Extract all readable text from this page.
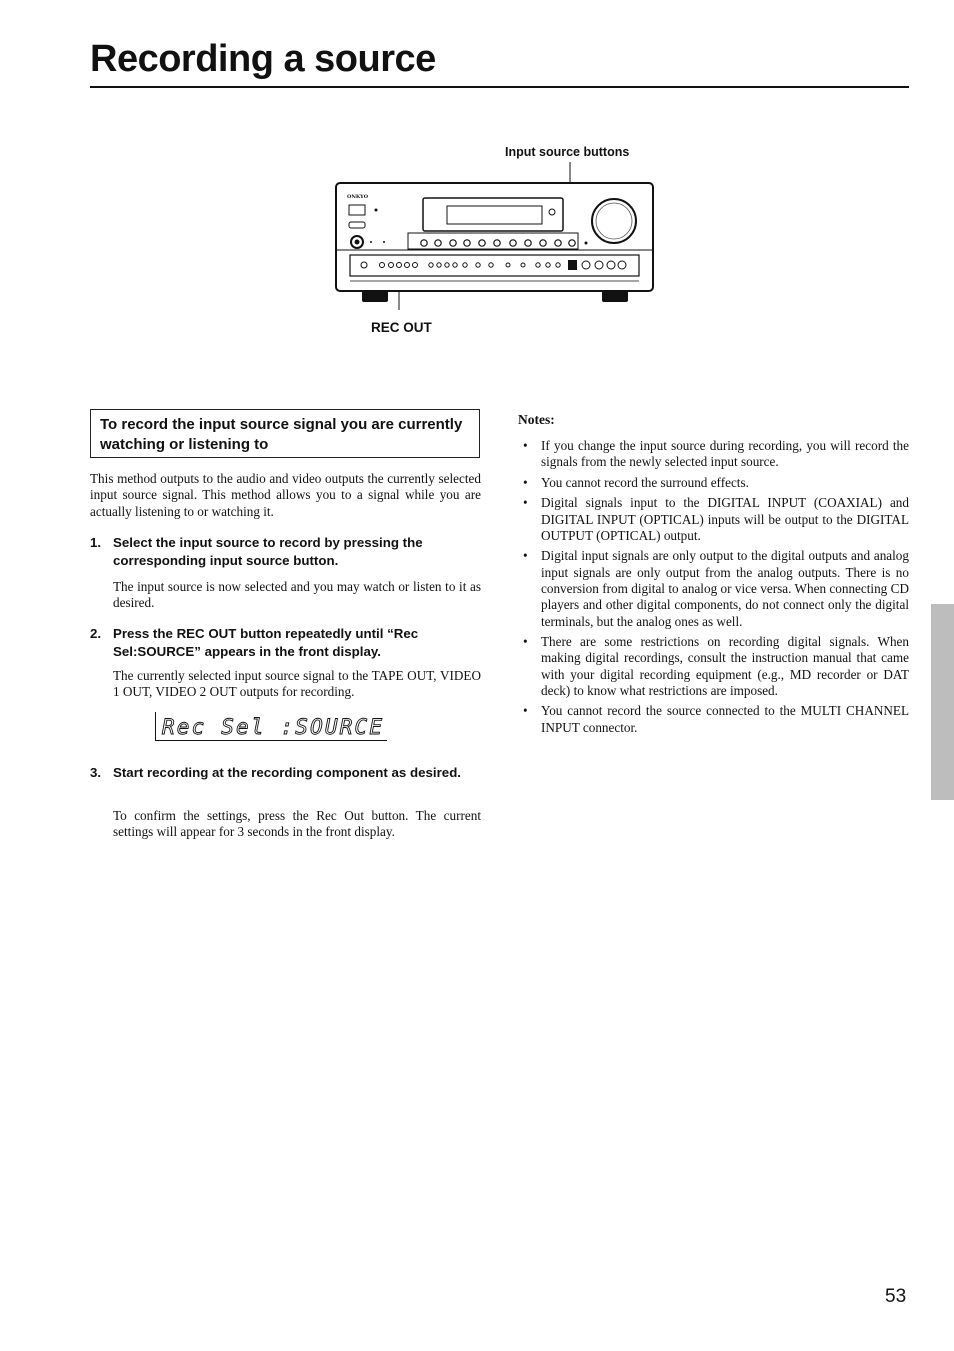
Recording a source
Input source buttons
REC OUT
ONKYO
To record the input source signal you are currently watching or listening to
This method outputs to the audio and video outputs the currently selected input source signal. This method allows you to a signal while you are actually listening to or watching it.
1. Select the input source to record by pressing the corresponding input source button.
The input source is now selected and you may watch or listen to it as desired.
2. Press the REC OUT button repeatedly until “Rec Sel:SOURCE” appears in the front display.
The currently selected input source signal to the TAPE OUT, VIDEO 1 OUT, VIDEO 2 OUT outputs for recording.
Rec Sel :SOURCE
3. Start recording at the recording component as desired.
To confirm the settings, press the Rec Out button. The current settings will appear for 3 seconds in the front display.
Notes:
• If you change the input source during recording, you will record the signals from the newly selected input source.
• You cannot record the surround effects.
• Digital signals input to the DIGITAL INPUT (COAXIAL) and DIGITAL INPUT (OPTICAL) inputs will be output to the DIGITAL OUTPUT (OPTICAL) output.
• Digital input signals are only output to the digital outputs and analog input signals are only output from the analog outputs. There is no conversion from digital to analog or vice versa. When connecting CD players and other digital components, do not connect only the digital terminals, but the analog ones as well.
• There are some restrictions on recording digital signals. When making digital recordings, consult the instruction manual that came with your digital recording equipment (e.g., MD recorder or DAT deck) to know what restrictions are imposed.
• You cannot record the source connected to the MULTI CHANNEL INPUT connector.
53
